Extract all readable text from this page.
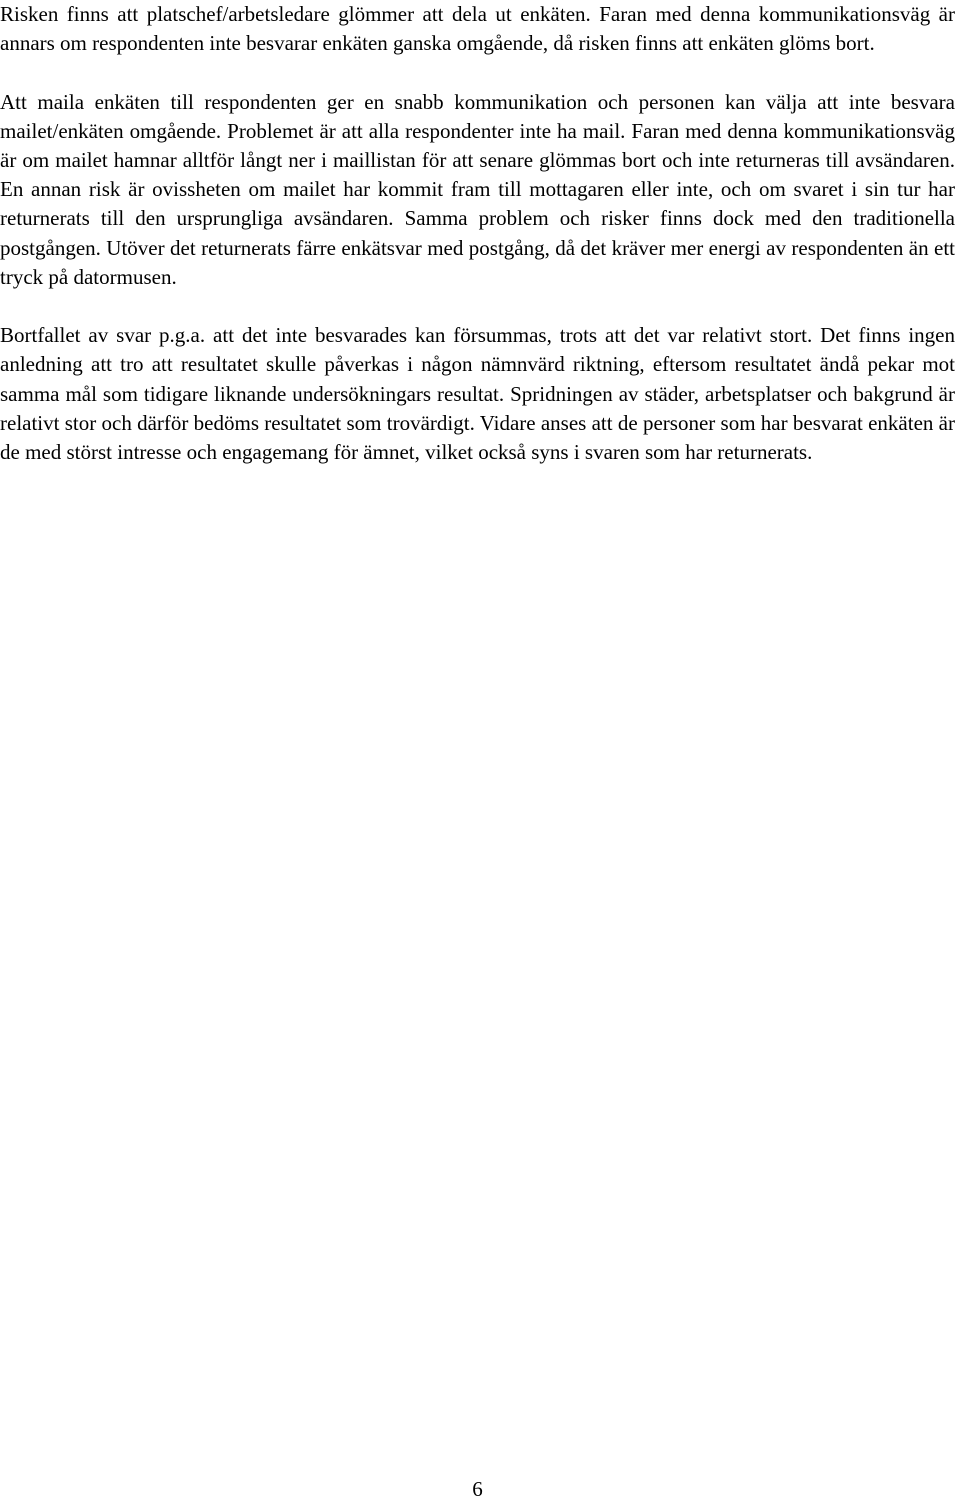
Risken finns att platschef/arbetsledare glömmer att dela ut enkäten. Faran med denna kommunikationsväg är annars om respondenten inte besvarar enkäten ganska omgående, då risken finns att enkäten glöms bort.

Att maila enkäten till respondenten ger en snabb kommunikation och personen kan välja att inte besvara mailet/enkäten omgående. Problemet är att alla respondenter inte ha mail. Faran med denna kommunikationsväg är om mailet hamnar alltför långt ner i maillistan för att senare glömmas bort och inte returneras till avsändaren. En annan risk är ovissheten om mailet har kommit fram till mottagaren eller inte, och om svaret i sin tur har returnerats till den ursprungliga avsändaren. Samma problem och risker finns dock med den traditionella postgången. Utöver det returnerats färre enkätsvar med postgång, då det kräver mer energi av respondenten än ett tryck på datormusen.

Bortfallet av svar p.g.a. att det inte besvarades kan försummas, trots att det var relativt stort. Det finns ingen anledning att tro att resultatet skulle påverkas i någon nämnvärd riktning, eftersom resultatet ändå pekar mot samma mål som tidigare liknande undersökningars resultat. Spridningen av städer, arbetsplatser och bakgrund är relativt stor och därför bedöms resultatet som trovärdigt. Vidare anses att de personer som har besvarat enkäten är de med störst intresse och engagemang för ämnet, vilket också syns i svaren som har returnerats.

6
